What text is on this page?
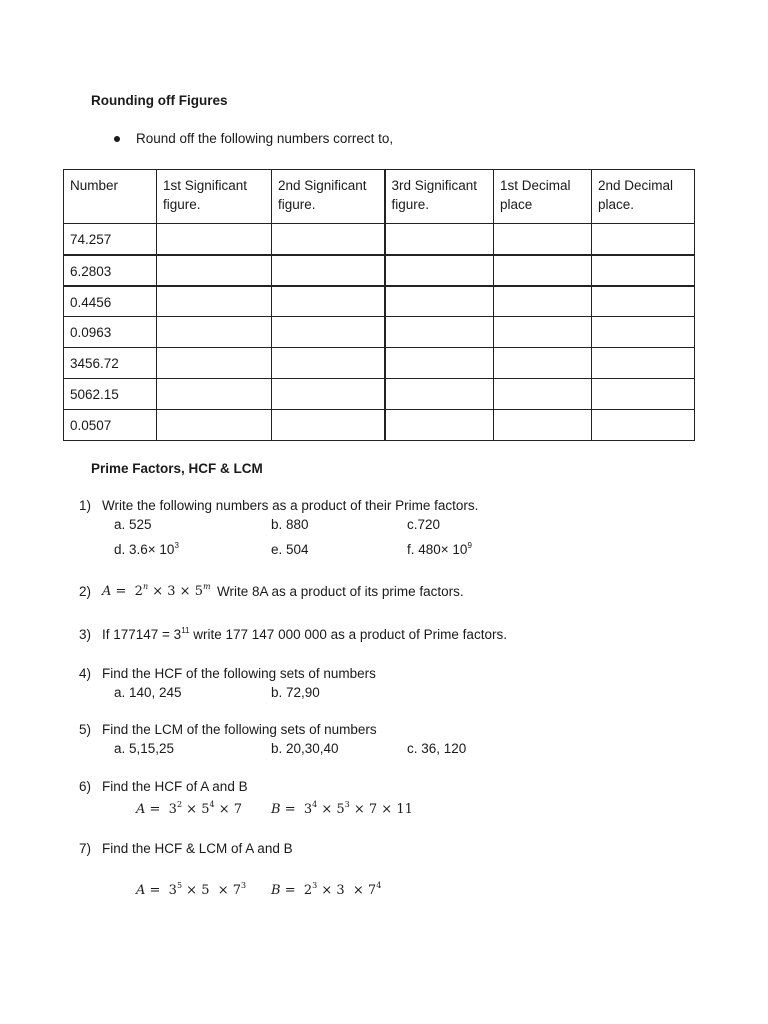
Rounding off Figures
Round off the following numbers correct to,
Number	1st Significant figure.	2nd Significant figure.	3rd Significant figure.	1st Decimal place	2nd Decimal place.
74.257					
6.2803					
0.4456					
0.0963					
3456.72					
5062.15					
0.0507					
Prime Factors, HCF & LCM
1) Write the following numbers as a product of their Prime factors.
a. 525	b. 880	c.720
d. $3.6\times 10^3$	e. 504	f. $480\times 10^9$
2) $A = 2^n \times 3 \times 5^m$ Write 8A as a product of its prime factors.
3) If $177147 = 3^{11}$ write 177 147 000 000 as a product of Prime factors.
4) Find the HCF of the following sets of numbers
a. 140, 245	b. 72,90
5) Find the LCM of the following sets of numbers
a. 5,15,25	b. 20,30,40	c. 36, 120
6) Find the HCF of A and B
$A = 3^2 \times 5^4 \times 7$ $B = 3^4 \times 5^3 \times 7 \times 11$
7) Find the HCF & LCM of A and B
$A = 3^5 \times 5 \times 7^3$ $B = 2^3 \times 3 \times 7^4$
